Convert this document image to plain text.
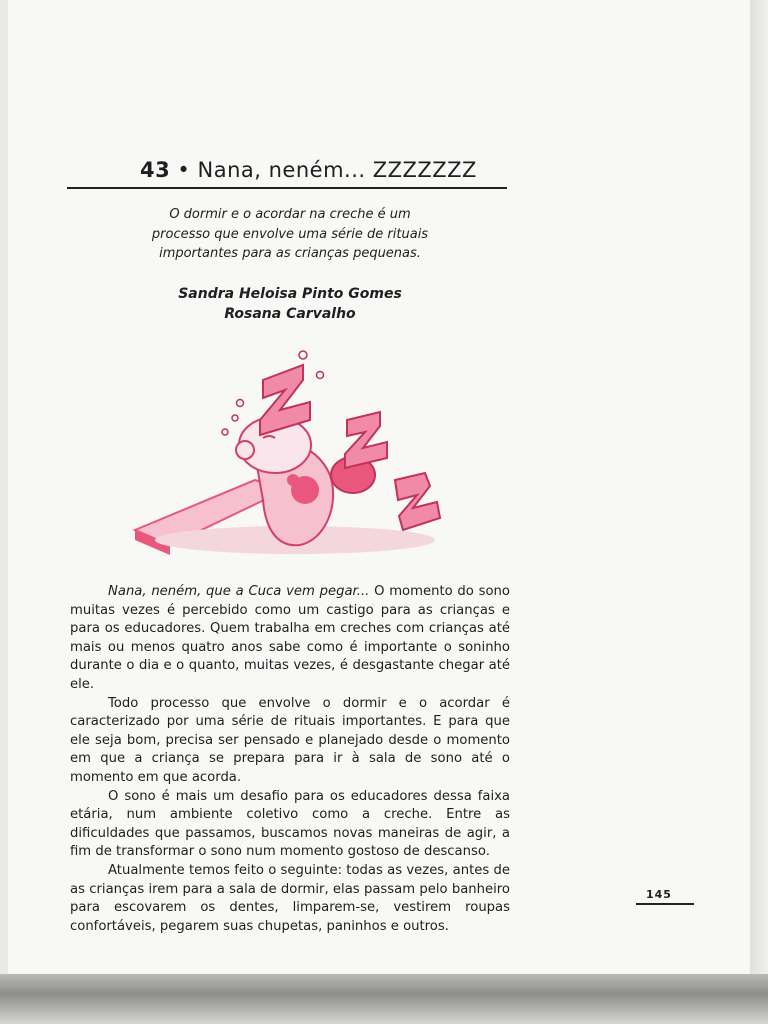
43 • Nana, neném... ZZZZZZZ
O dormir e o acordar na creche é um
processo que envolve uma série de rituais
importantes para as crianças pequenas.
Sandra Heloisa Pinto Gomes
Rosana Carvalho

Nana, neném, que a Cuca vem pegar... O momento do sono muitas vezes é percebido como um castigo para as crianças e para os educadores. Quem trabalha em creches com crianças até mais ou menos quatro anos sabe como é importante o soninho durante o dia e o quanto, muitas vezes, é desgastante chegar até ele.

Todo processo que envolve o dormir e o acordar é caracterizado por uma série de rituais importantes. E para que ele seja bom, precisa ser pensado e planejado desde o momento em que a criança se prepara para ir à sala de sono até o momento em que acorda.

O sono é mais um desafio para os educadores dessa faixa etária, num ambiente coletivo como a creche. Entre as dificuldades que passamos, buscamos novas maneiras de agir, a fim de transformar o sono num momento gostoso de descanso.

Atualmente temos feito o seguinte: todas as vezes, antes de as crianças irem para a sala de dormir, elas passam pelo banheiro para escovarem os dentes, limparem-se, vestirem roupas confortáveis, pegarem suas chupetas, paninhos e outros.

145
